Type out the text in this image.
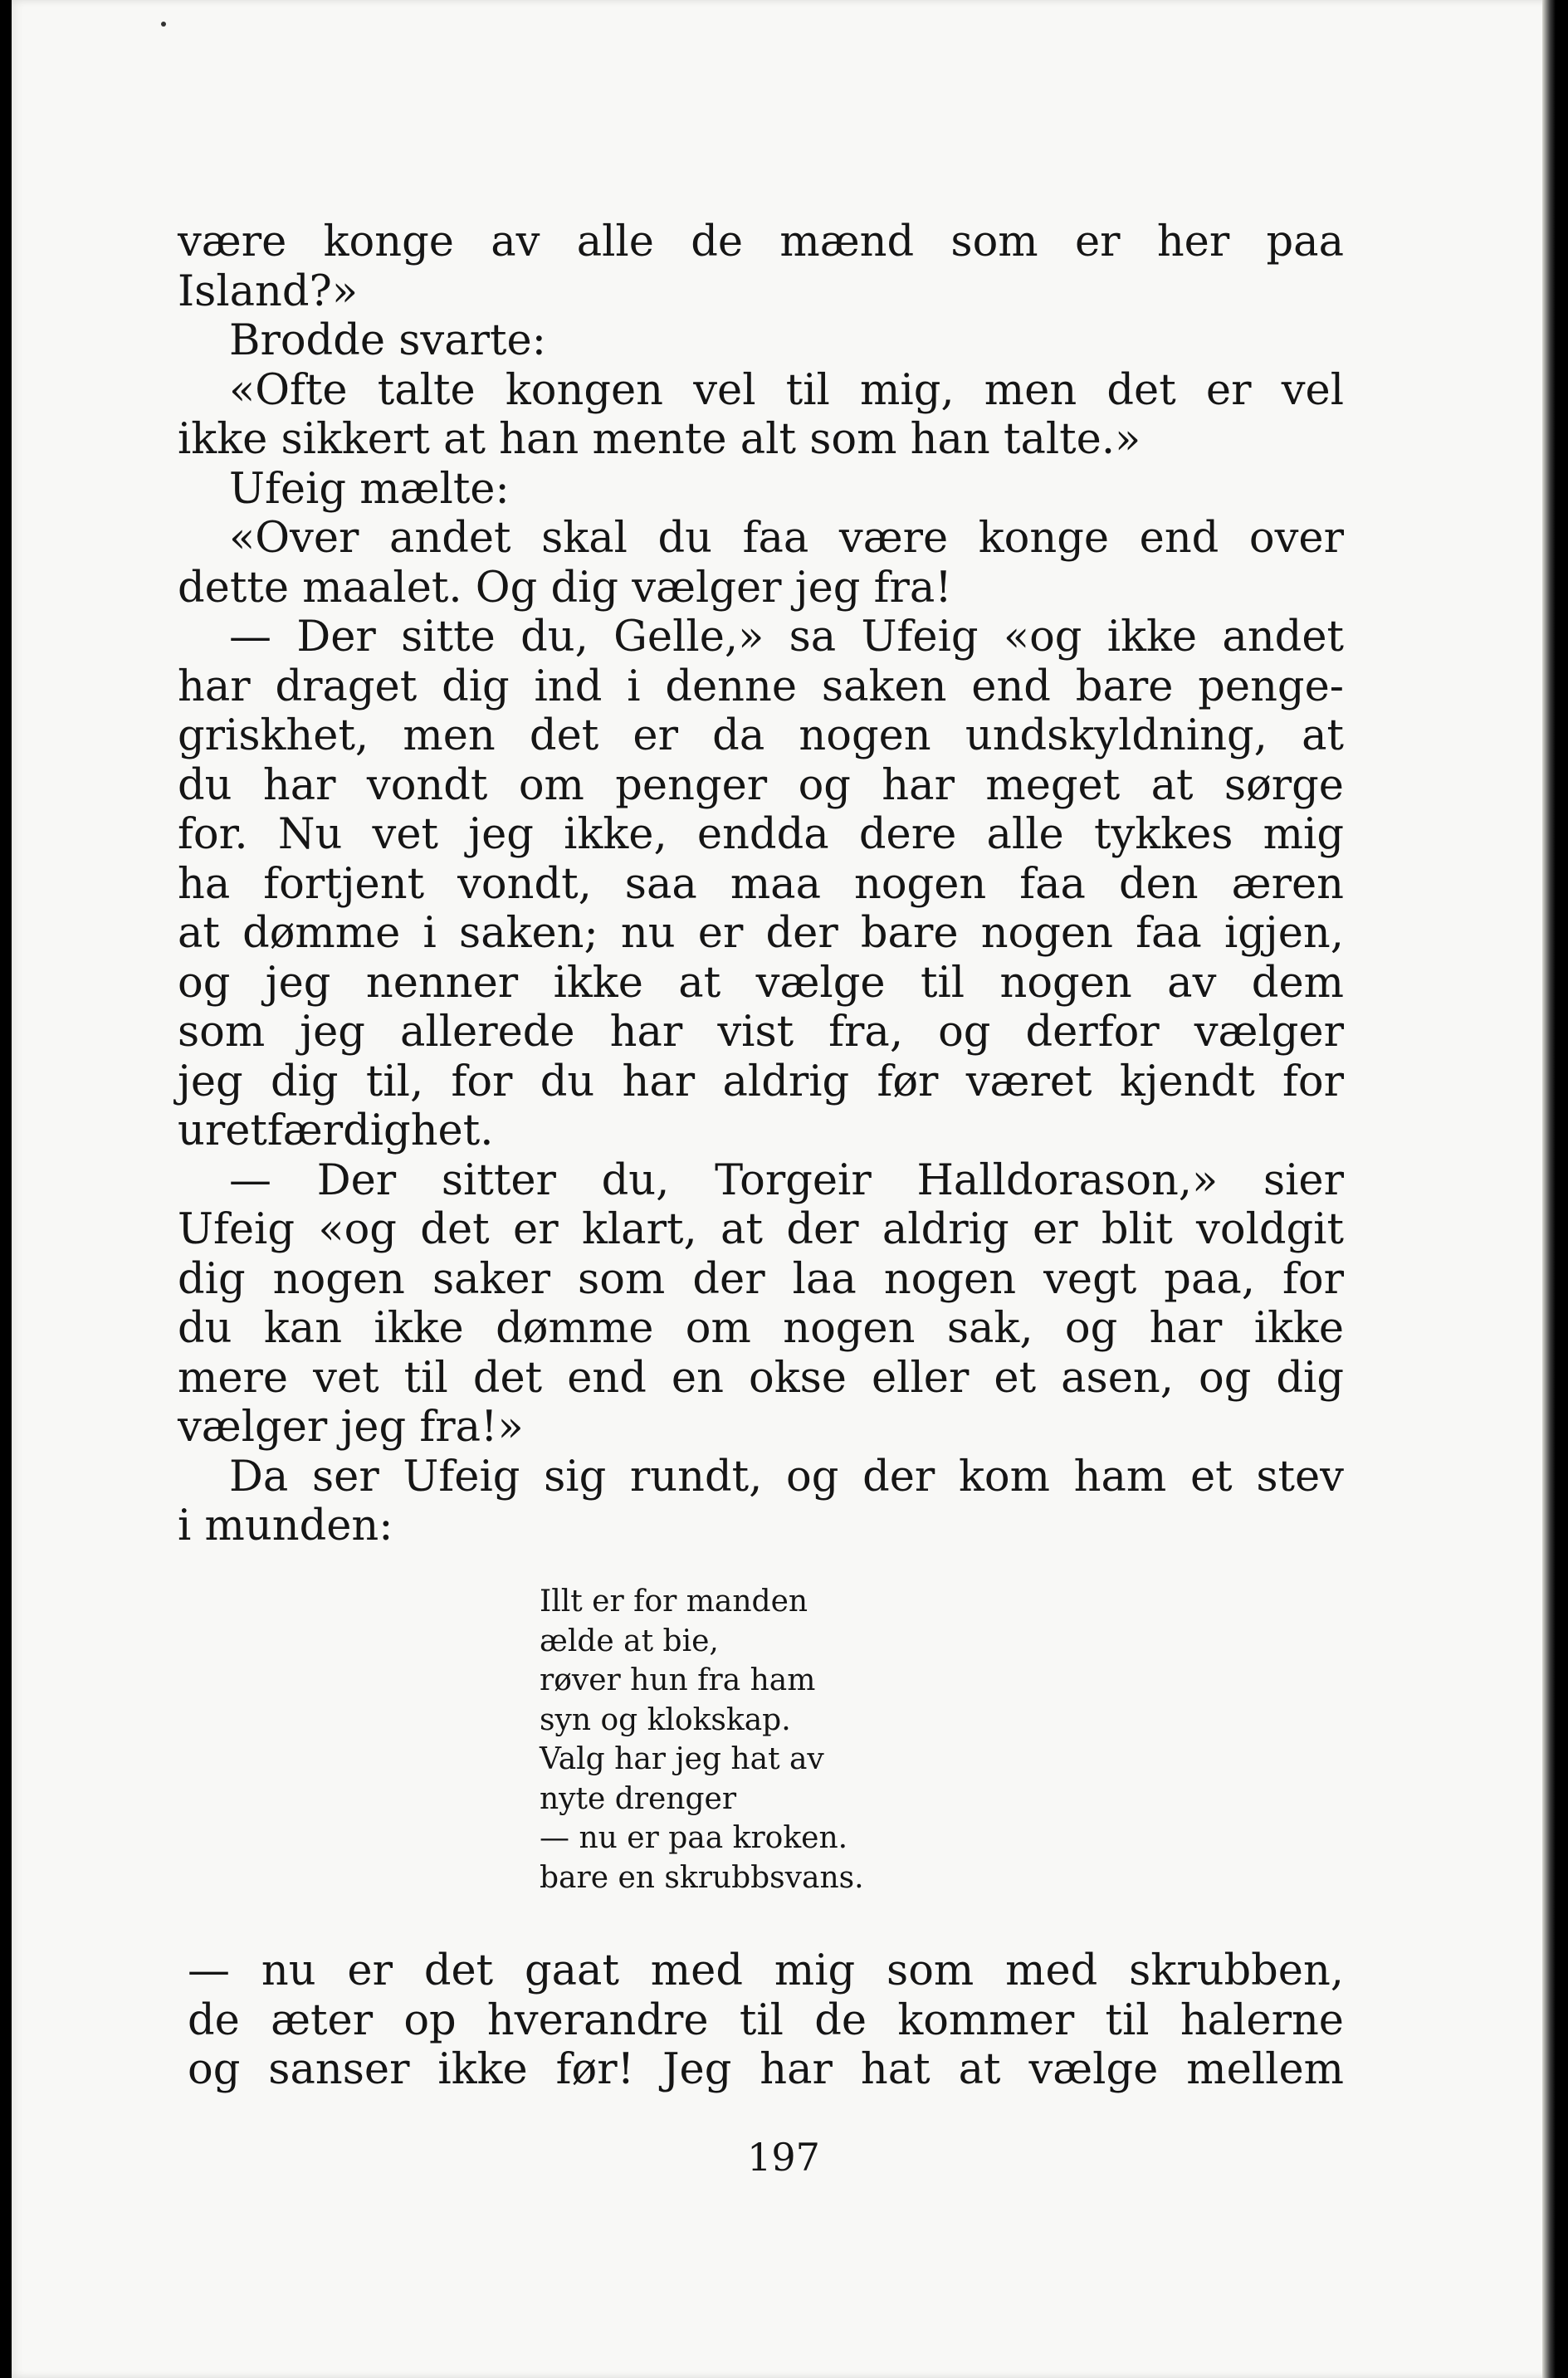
være konge av alle de mænd som er her paa
Island?»
Brodde svarte:
«Ofte talte kongen vel til mig, men det er vel
ikke sikkert at han mente alt som han talte.»
Ufeig mælte:
«Over andet skal du faa være konge end over
dette maalet. Og dig vælger jeg fra!
— Der sitte du, Gelle,» sa Ufeig «og ikke andet
har draget dig ind i denne saken end bare penge-
griskhet, men det er da nogen undskyldning, at
du har vondt om penger og har meget at sørge
for. Nu vet jeg ikke, endda dere alle tykkes mig
ha fortjent vondt, saa maa nogen faa den æren
at dømme i saken; nu er der bare nogen faa igjen,
og jeg nenner ikke at vælge til nogen av dem
som jeg allerede har vist fra, og derfor vælger
jeg dig til, for du har aldrig før været kjendt for
uretfærdighet.
— Der sitter du, Torgeir Halldorason,» sier
Ufeig «og det er klart, at der aldrig er blit voldgit
dig nogen saker som der laa nogen vegt paa, for
du kan ikke dømme om nogen sak, og har ikke
mere vet til det end en okse eller et asen, og dig
vælger jeg fra!»
Da ser Ufeig sig rundt, og der kom ham et stev
i munden:
Illt er for manden
ælde at bie,
røver hun fra ham
syn og klokskap.
Valg har jeg hat av
nyte drenger
— nu er paa kroken.
bare en skrubbsvans.
— nu er det gaat med mig som med skrubben,
de æter op hverandre til de kommer til halerne
og sanser ikke før! Jeg har hat at vælge mellem
197
